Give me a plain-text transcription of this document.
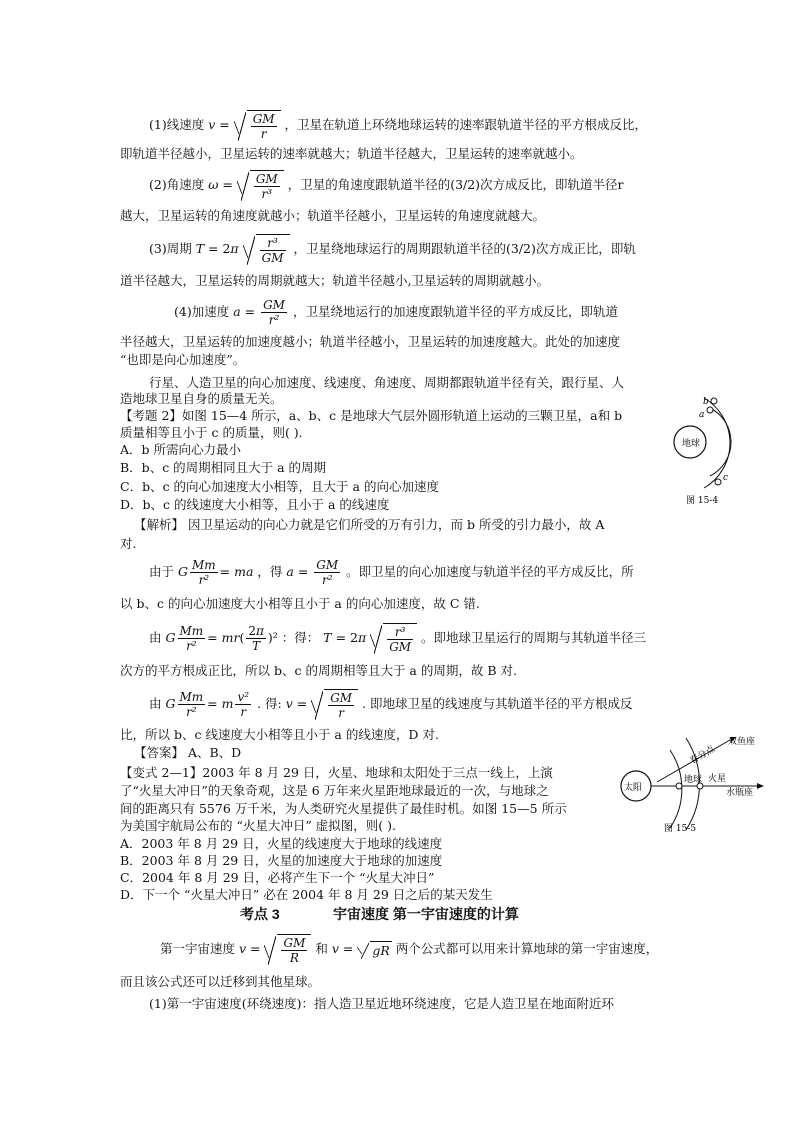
(1)线速度 $v = \frac{GM}{r}$ ，卫星在轨道上环绕地球运转的速率跟轨道半径的平方根成反比，
即轨道半径越小，卫星运转的速率就越大；轨道半径越大，卫星运转的速率就越小。
(2)角速度 $\omega = \frac{GM}{\text{r³}}$ ，卫星的角速度跟轨道半径的(3/2)次方成反比，即轨道半径r
越大，卫星运转的角速度就越小；轨道半径越小，卫星运转的角速度就越大。
(3)周期 $T = 2\pi \frac{\text{r³}}{GM}$ ，卫星绕地球运行的周期跟轨道半径的(3/2)次方成正比，即轨
道半径越大，卫星运转的周期就越大；轨道半径越小,卫星运转的周期就越小。
(4)加速度 $a = \frac{GM}{\text{r²}}$ ，卫星绕地运行的加速度跟轨道半径的平方成反比，即轨道
半径越大，卫星运转的加速度越小；轨道半径越小，卫星运转的加速度越大。此处的加速度
“也即是向心加速度”。
行星、人造卫星的向心加速度、线速度、角速度、周期都跟轨道半径有关，跟行星、人
造地球卫星自身的质量无关。
【考题 2】如图 15—4 所示，a、b、c 是地球大气层外圆形轨道上运动的三颗卫星，a和 b
质量相等且小于 c 的质量，则( ).
A．b 所需向心力最小
B．b、c 的周期相同且大于 a 的周期
C．b、c 的向心加速度大小相等，且大于 a 的向心加速度
D．b、c 的线速度大小相等，且小于 a 的线速度
【解析】 因卫星运动的向心力就是它们所受的万有引力，而 b 所受的引力最小，故 A
对.
由于 G $\frac{Mm}{\text{r²}}$ = ma ，得 $a = \frac{GM}{\text{r²}}$ 。即卫星的向心加速度与轨道半径的平方成反比，所
以 b、c 的向心加速度大小相等且小于 a 的向心加速度，故 C 错.
由 G $\frac{Mm}{\text{r²}} = mr( \frac{2\pi}{T} )^2$ ：得： $T = 2\pi \frac{\text{r³}}{GM}$ 。即地球卫星运行的周期与其轨道半径三
次方的平方根成正比，所以 b、c 的周期相等且大于 a 的周期，故 B 对.
由 G $\frac{Mm}{\text{r²}} = m \frac{\text{v²}}{r}$ . 得: $v = \frac{GM}{r}$ . 即地球卫星的线速度与其轨道半径的平方根成反
比，所以 b、c 线速度大小相等且小于 a 的线速度，D 对.
【答案】 A、B、D
【变式 2—1】2003 年 8 月 29 日，火星、地球和太阳处于三点一线上，上演
了“火星大冲日”的天象奇观，这是 6 万年来火星距地球最近的一次，与地球之
间的距离只有 5576 万千米，为人类研究火星提供了最佳时机。如图 15—5 所示
为美国宇航局公布的 “火星大冲日” 虚拟图，则( ).
A．2003 年 8 月 29 日，火星的线速度大于地球的线速度
B．2003 年 8 月 29 日，火星的加速度大于地球的加速度
C．2004 年 8 月 29 日，必将产生下一个 “火星大冲日”
D．下一个 “火星大冲日” 必在 2004 年 8 月 29 日之后的某天发生
考点 3	宇宙速度 第一宇宙速度的计算
第一宇宙速度 $v = \frac{GM}{R}$ 和 v = gR 两个公式都可以用来计算地球的第一宇宙速度，
而且该公式还可以迁移到其他星球。
(1)第一宇宙速度(环绕速度)：指人造卫星近地环绕速度，它是人造卫星在地面附近环
地球
a
b
c
图 15-4
太阳
地球 火星
水瓶座
春分点
双鱼座
图 15-5
